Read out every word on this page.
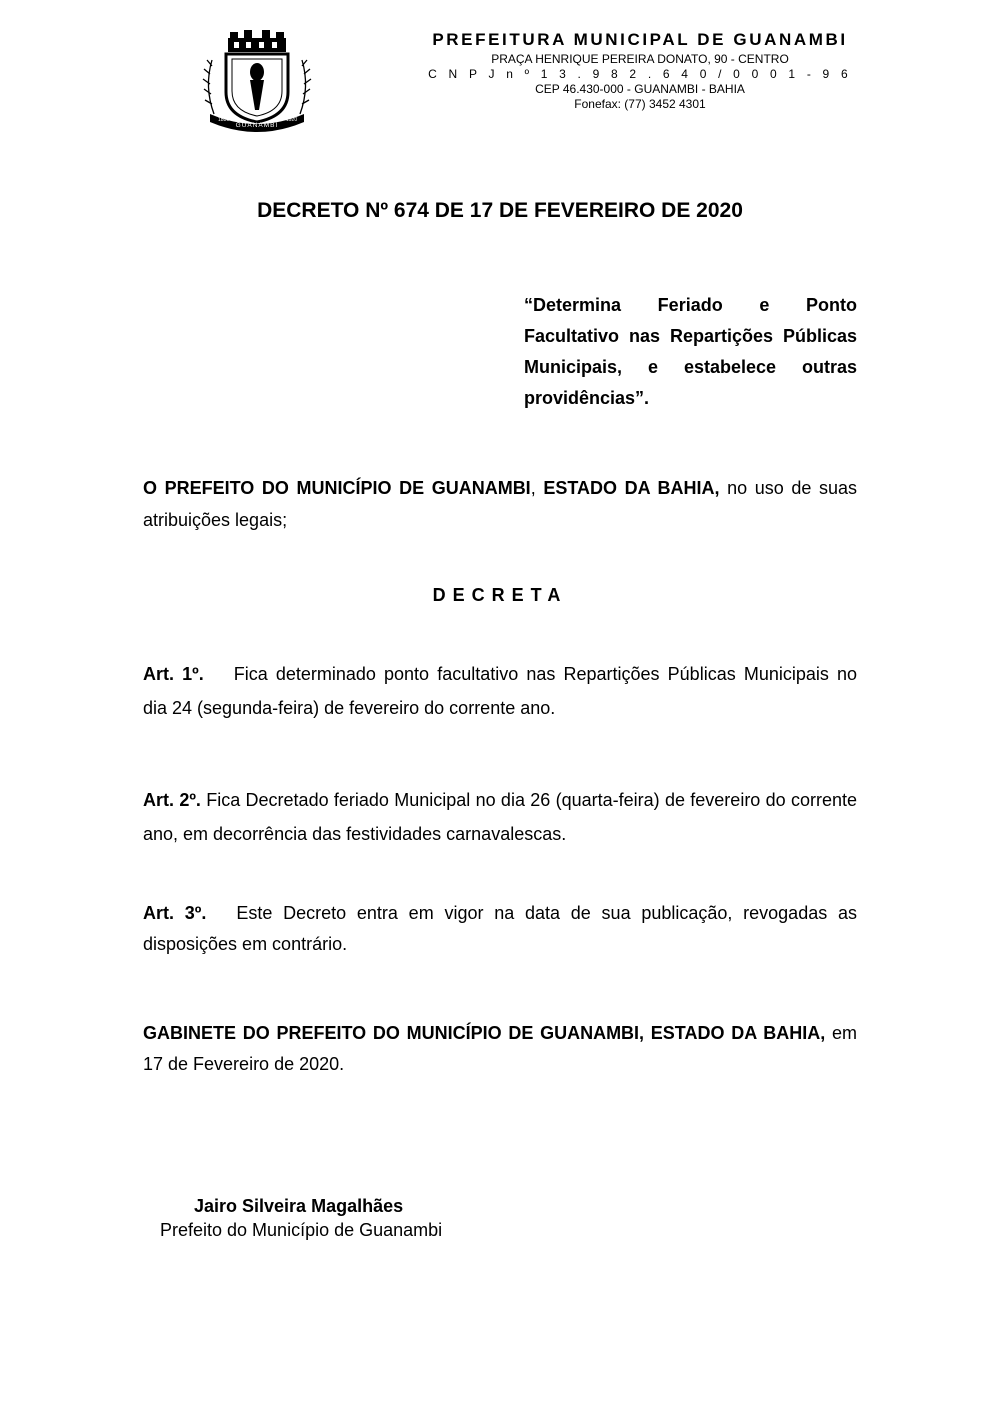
GUANAMBI
1880	1920
PREFEITURA MUNICIPAL DE GUANAMBI
PRAÇA HENRIQUE PEREIRA DONATO, 90 - CENTRO
C N P J n º 1 3 . 9 8 2 . 6 4 0 / 0 0 0 1 - 9 6
CEP 46.430-000 - GUANAMBI - BAHIA
Fonefax: (77) 3452 4301
DECRETO Nº 674 DE 17 DE FEVEREIRO DE 2020
“Determina Feriado e Ponto Facultativo nas Repartições Públicas Municipais, e estabelece outras providências”.
O PREFEITO DO MUNICÍPIO DE GUANAMBI, ESTADO DA BAHIA, no uso de suas atribuições legais;
DECRETA
Art. 1º. Fica determinado ponto facultativo nas Repartições Públicas Municipais no dia 24 (segunda-feira) de fevereiro do corrente ano.
Art. 2º. Fica Decretado feriado Municipal no dia 26 (quarta-feira) de fevereiro do corrente ano, em decorrência das festividades carnavalescas.
Art. 3º. Este Decreto entra em vigor na data de sua publicação, revogadas as disposições em contrário.
GABINETE DO PREFEITO DO MUNICÍPIO DE GUANAMBI, ESTADO DA BAHIA, em 17 de Fevereiro de 2020.
Jairo Silveira Magalhães
Prefeito do Município de Guanambi
